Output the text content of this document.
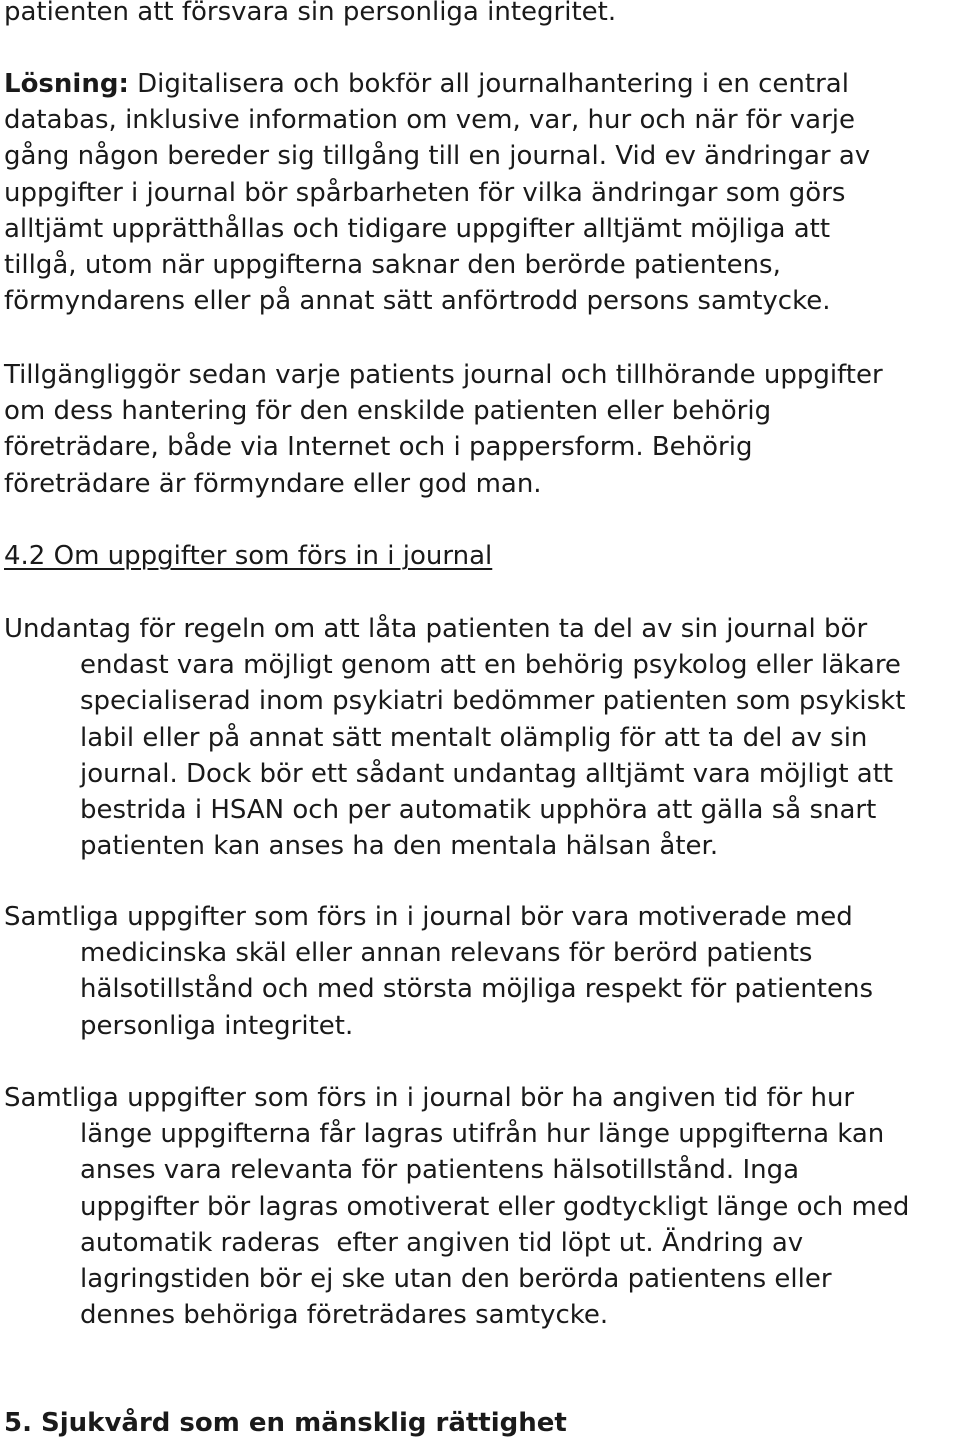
patienten att försvara sin personliga integritet.
Lösning: Digitalisera och bokför all journalhantering i en central
databas, inklusive information om vem, var, hur och när för varje
gång någon bereder sig tillgång till en journal. Vid ev ändringar av
uppgifter i journal bör spårbarheten för vilka ändringar som görs
alltjämt upprätthållas och tidigare uppgifter alltjämt möjliga att
tillgå, utom när uppgifterna saknar den berörde patientens,
förmyndarens eller på annat sätt anförtrodd persons samtycke.
Tillgängliggör sedan varje patients journal och tillhörande uppgifter
om dess hantering för den enskilde patienten eller behörig
företrädare, både via Internet och i pappersform. Behörig
företrädare är förmyndare eller god man.
4.2 Om uppgifter som förs in i journal
Undantag för regeln om att låta patienten ta del av sin journal bör
endast vara möjligt genom att en behörig psykolog eller läkare
specialiserad inom psykiatri bedömmer patienten som psykiskt
labil eller på annat sätt mentalt olämplig för att ta del av sin
journal. Dock bör ett sådant undantag alltjämt vara möjligt att
bestrida i HSAN och per automatik upphöra att gälla så snart
patienten kan anses ha den mentala hälsan åter.
Samtliga uppgifter som förs in i journal bör vara motiverade med
medicinska skäl eller annan relevans för berörd patients
hälsotillstånd och med största möjliga respekt för patientens
personliga integritet.
Samtliga uppgifter som förs in i journal bör ha angiven tid för hur
länge uppgifterna får lagras utifrån hur länge uppgifterna kan
anses vara relevanta för patientens hälsotillstånd. Inga
uppgifter bör lagras omotiverat eller godtyckligt länge och med
automatik raderas  efter angiven tid löpt ut. Ändring av
lagringstiden bör ej ske utan den berörda patientens eller
dennes behöriga företrädares samtycke.
5. Sjukvård som en mänsklig rättighet
